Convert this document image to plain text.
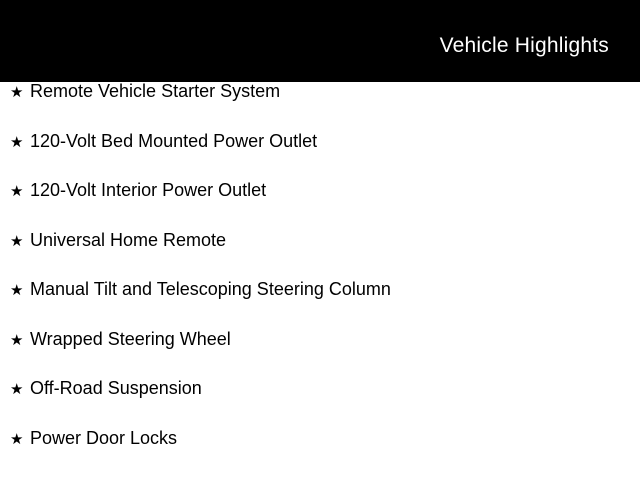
Vehicle Highlights
★ Remote Vehicle Starter System
★ 120-Volt Bed Mounted Power Outlet
★ 120-Volt Interior Power Outlet
★ Universal Home Remote
★ Manual Tilt and Telescoping Steering Column
★ Wrapped Steering Wheel
★ Off-Road Suspension
★ Power Door Locks
